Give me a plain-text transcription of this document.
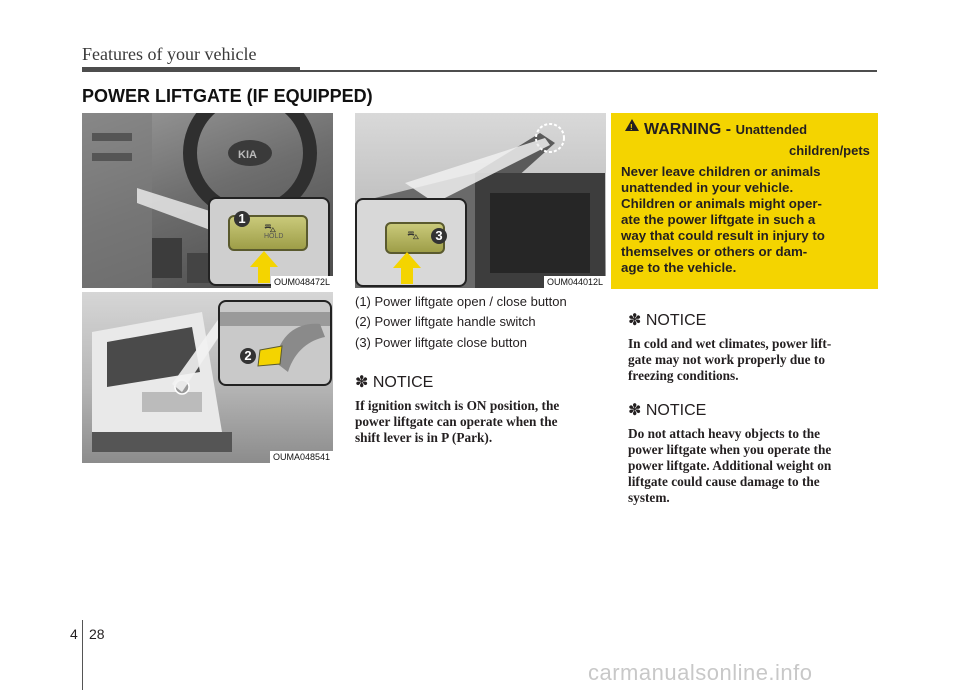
Features of your vehicle
POWER LIFTGATE (IF EQUIPPED)
KIA
HOLD
⛍
1
OUM048472L
⛍	3
OUM044012L
2
OUMA048541
(1) Power liftgate open / close button
(2) Power liftgate handle switch
(3) Power liftgate close button
✽ NOTICE
If ignition switch is ON position, the
power liftgate can operate when the
shift lever is in P (Park).
! WARNING - Unattended
children/pets
Never leave children or animals
unattended in your vehicle.
Children or animals might oper-
ate the power liftgate in such a
way that could result in injury to
themselves or others or dam-
age to the vehicle.
✽ NOTICE
In cold and wet climates, power lift-
gate may not work properly due to
freezing conditions.
✽ NOTICE
Do not attach heavy objects to the
power liftgate when you operate the
power liftgate. Additional weight on
liftgate could cause damage to the
system.
4 28
carmanualsonline.info
